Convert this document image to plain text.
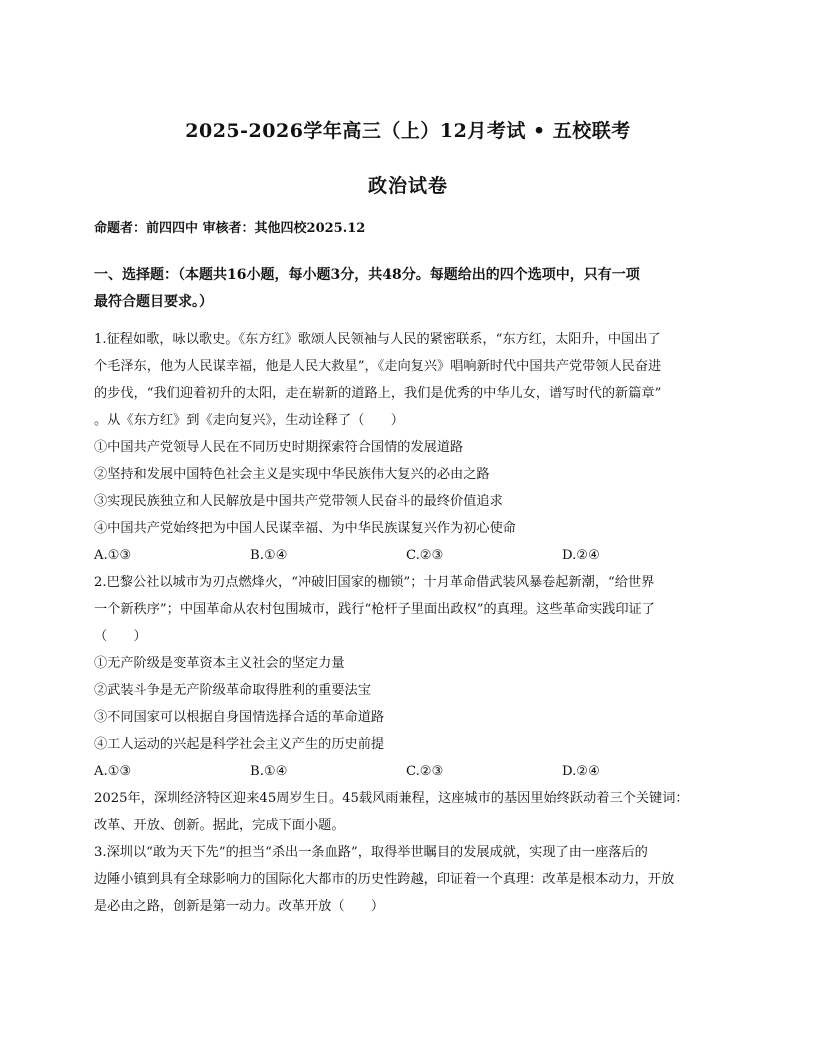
2025-2026学年高三（上）12月考试 • 五校联考
政治试卷
命题者：前四四中 审核者：其他四校2025.12
一、选择题：（本题共16小题，每小题3分，共48分。每题给出的四个选项中，只有一项
最符合题目要求。）
1.征程如歌，咏以歌史。《东方红》歌颂人民领袖与人民的紧密联系，“东方红，太阳升，中国出了
个毛泽东，他为人民谋幸福，他是人民大救星”，《走向复兴》唱响新时代中国共产党带领人民奋进
的步伐，“我们迎着初升的太阳，走在崭新的道路上，我们是优秀的中华儿女，谱写时代的新篇章”
。从《东方红》到《走向复兴》，生动诠释了（　　）
①中国共产党领导人民在不同历史时期探索符合国情的发展道路
②坚持和发展中国特色社会主义是实现中华民族伟大复兴的必由之路
③实现民族独立和人民解放是中国共产党带领人民奋斗的最终价值追求
④中国共产党始终把为中国人民谋幸福、为中华民族谋复兴作为初心使命
A.①③	B.①④	C.②③	D.②④
2.巴黎公社以城市为刃点燃烽火，“冲破旧国家的枷锁”；十月革命借武装风暴卷起新潮，“给世界
一个新秩序”；中国革命从农村包围城市，践行“枪杆子里面出政权”的真理。这些革命实践印证了
（　　）
①无产阶级是变革资本主义社会的坚定力量
②武装斗争是无产阶级革命取得胜利的重要法宝
③不同国家可以根据自身国情选择合适的革命道路
④工人运动的兴起是科学社会主义产生的历史前提
A.①③	B.①④	C.②③	D.②④
2025年，深圳经济特区迎来45周岁生日。45载风雨兼程，这座城市的基因里始终跃动着三个关键词：
改革、开放、创新。据此，完成下面小题。
3.深圳以“敢为天下先”的担当“杀出一条血路”，取得举世瞩目的发展成就，实现了由一座落后的
边陲小镇到具有全球影响力的国际化大都市的历史性跨越，印证着一个真理：改革是根本动力，开放
是必由之路，创新是第一动力。改革开放（　　）
